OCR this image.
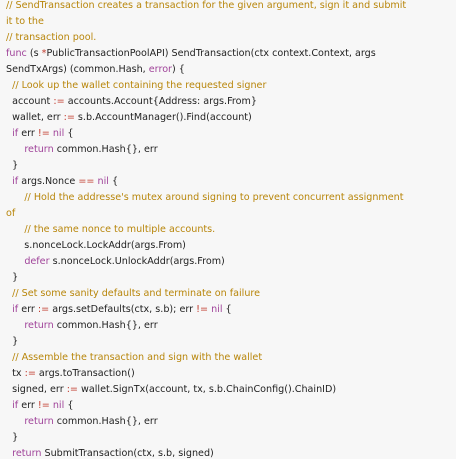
// SendTransaction creates a transaction for the given argument, sign it and submit
it to the
// transaction pool.
func (s *PublicTransactionPoolAPI) SendTransaction(ctx context.Context, args
SendTxArgs) (common.Hash, error) {
// Look up the wallet containing the requested signer
account := accounts.Account{Address: args.From}
wallet, err := s.b.AccountManager().Find(account)
if err != nil {
return common.Hash{}, err
}
if args.Nonce == nil {
// Hold the addresse's mutex around signing to prevent concurrent assignment
of
// the same nonce to multiple accounts.
s.nonceLock.LockAddr(args.From)
defer s.nonceLock.UnlockAddr(args.From)
}
// Set some sanity defaults and terminate on failure
if err := args.setDefaults(ctx, s.b); err != nil {
return common.Hash{}, err
}
// Assemble the transaction and sign with the wallet
tx := args.toTransaction()
signed, err := wallet.SignTx(account, tx, s.b.ChainConfig().ChainID)
if err != nil {
return common.Hash{}, err
}
return SubmitTransaction(ctx, s.b, signed)
